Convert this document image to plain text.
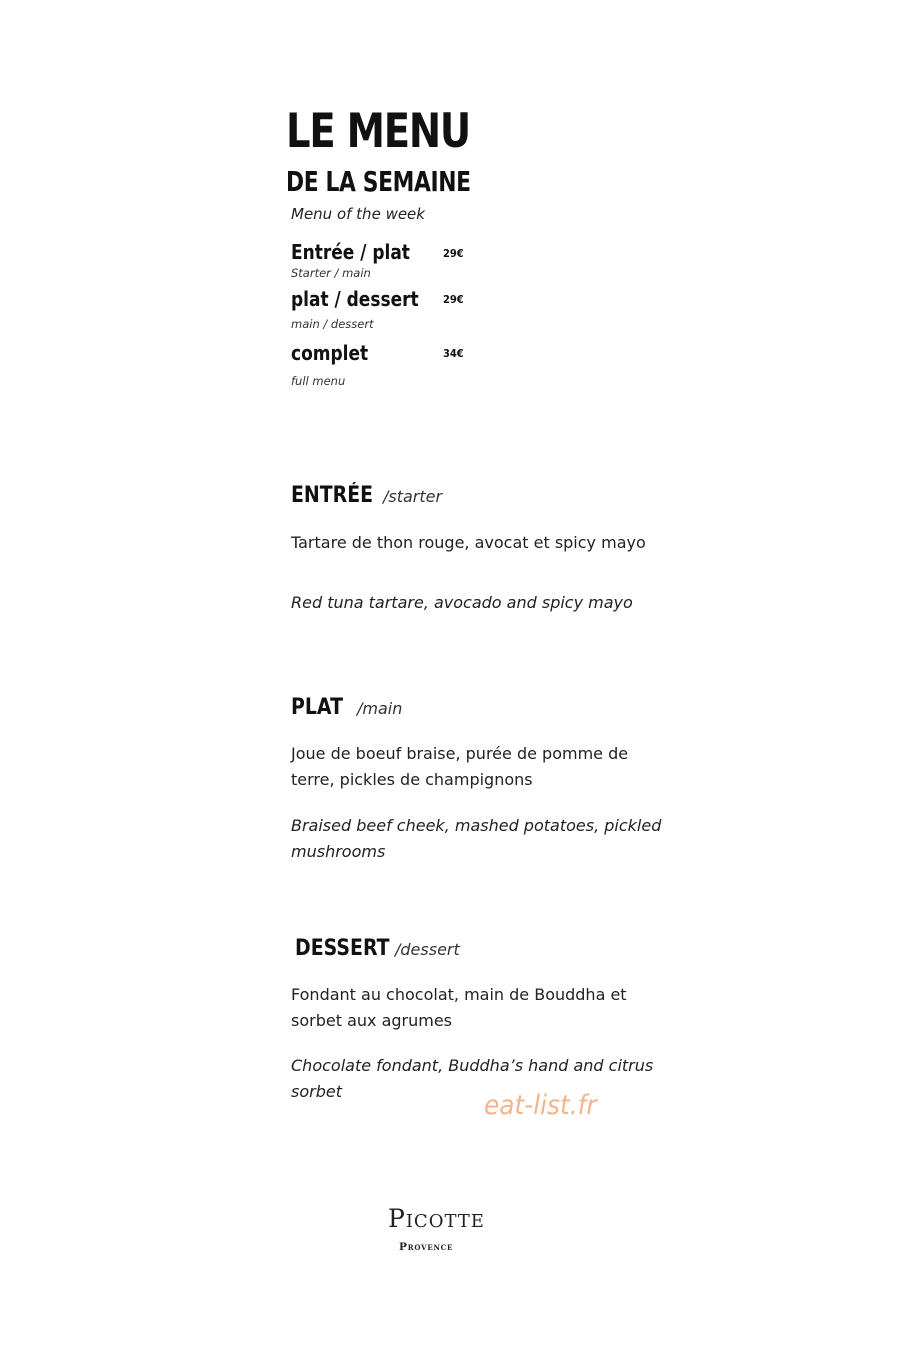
LE MENU
DE LA SEMAINE
Menu of the week
Entrée / plat	29€
Starter / main
plat / dessert 29€
main / dessert
complet	34€
full menu
ENTRÉE /starter
Tartare de thon rouge, avocat et spicy mayo
Red tuna tartare, avocado and spicy mayo
PLAT /main
Joue de boeuf braise, purée de pomme de terre, pickles de champignons
Braised beef cheek, mashed potatoes, pickled mushrooms
DESSERT /dessert
Fondant au chocolat, main de Bouddha et sorbet aux agrumes
Chocolate fondant, Buddha’s hand and citrus sorbet	eat-list.fr
Picotte
Provence
